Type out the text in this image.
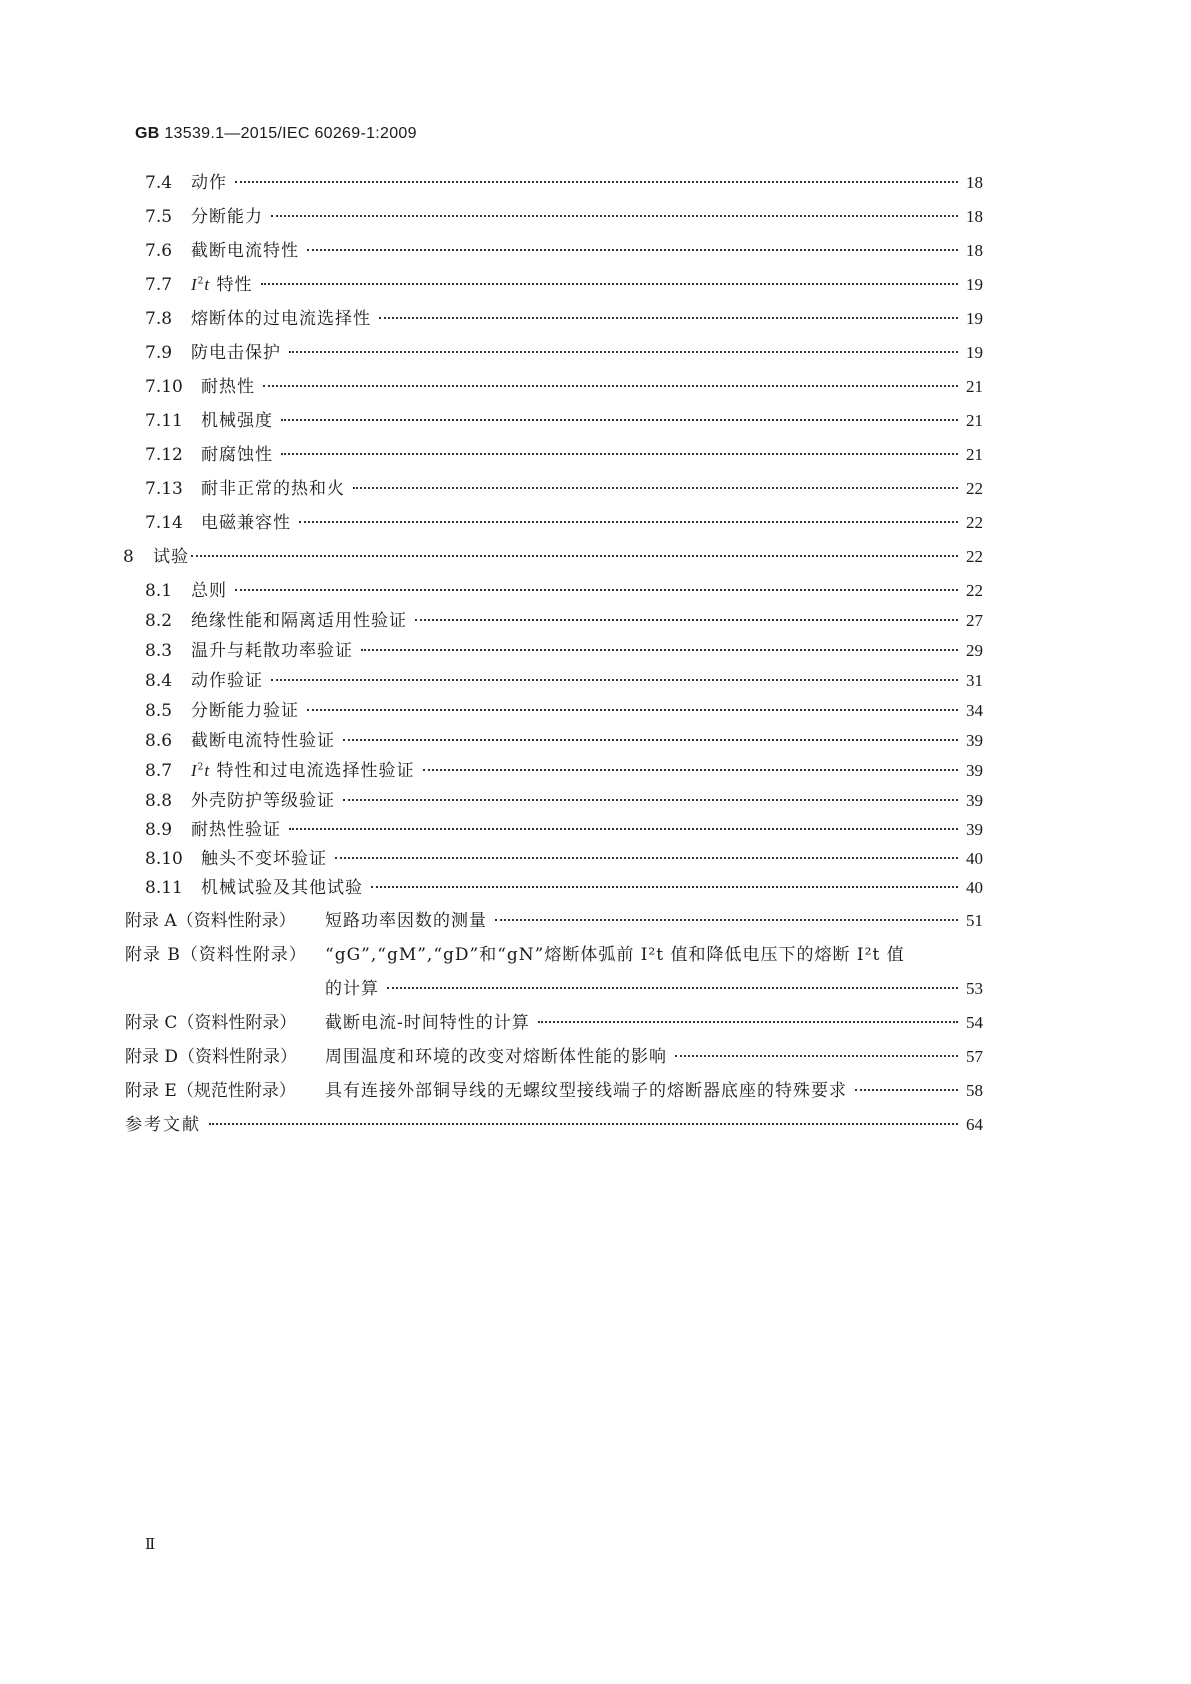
GB 13539.1—2015/IEC 60269-1:2009
7.4	动作	18
7.5	分断能力	18
7.6	截断电流特性	18
7.7	$I^2t$ 特性	19
7.8	熔断体的过电流选择性	19
7.9	防电击保护	19
7.10	耐热性	21
7.11	机械强度	21
7.12	耐腐蚀性	21
7.13	耐非正常的热和火	22
7.14	电磁兼容性	22
8	试验	22
8.1	总则	22
8.2	绝缘性能和隔离适用性验证	27
8.3	温升与耗散功率验证	29
8.4	动作验证	31
8.5	分断能力验证	34
8.6	截断电流特性验证	39
8.7	$I^2t$ 特性和过电流选择性验证	39
8.8	外壳防护等级验证	39
8.9	耐热性验证	39
8.10	触头不变坏验证	40
8.11	机械试验及其他试验	40
附录 A（资料性附录）	短路功率因数的测量	51
附录 B（资料性附录） “gG”,“gM”,“gD”和“gN”熔断体弧前 I²t 值和降低电压下的熔断 I²t 值
的计算	53
附录 C（资料性附录）	截断电流-时间特性的计算	54
附录 D（资料性附录）	周围温度和环境的改变对熔断体性能的影响	57
附录 E（规范性附录）	具有连接外部铜导线的无螺纹型接线端子的熔断器底座的特殊要求	58
参考文献	64
Ⅱ
